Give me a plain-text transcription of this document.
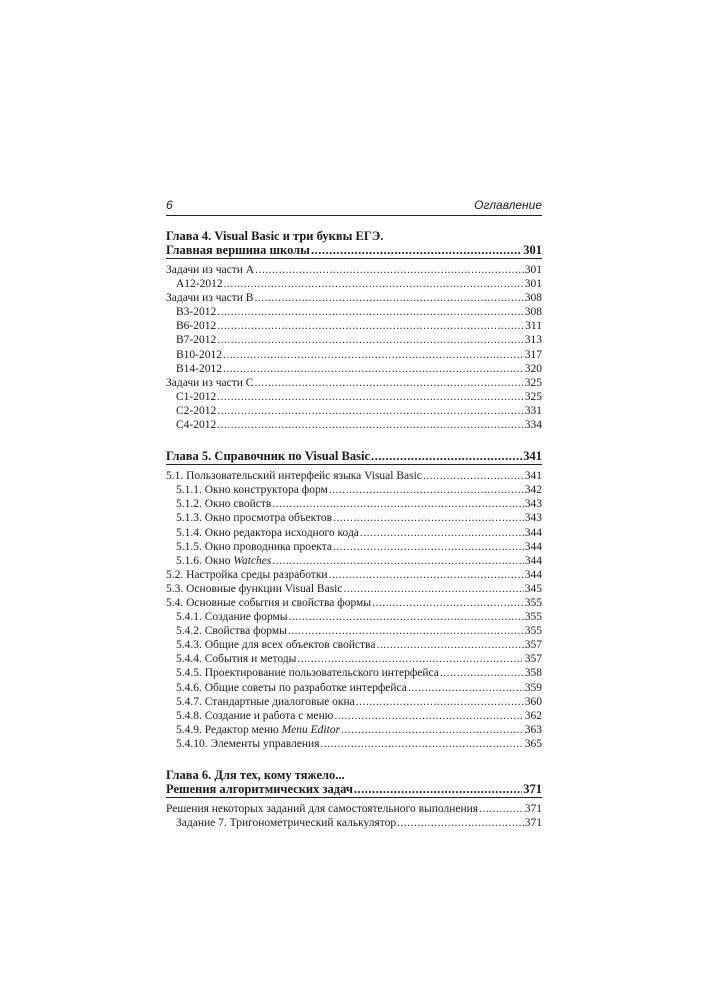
6	Оглавление
Глава 4. Visual Basic и три буквы ЕГЭ.
Главная вершина школы .....	301
Задачи из части A .....	301
A12-2012 .....	301
Задачи из части B .....	308
B3-2012 .....	308
B6-2012 .....	311
B7-2012 .....	313
B10-2012 .....	317
B14-2012 .....	320
Задачи из части C .....	325
C1-2012 .....	325
C2-2012 .....	331
C4-2012 .....	334
Глава 5. Справочник по Visual Basic .....	341
5.1. Пользовательский интерфейс языка Visual Basic .....	341
5.1.1. Окно конструктора форм .....	342
5.1.2. Окно свойств .....	343
5.1.3. Окно просмотра объектов .....	343
5.1.4. Окно редактора исходного кода .....	344
5.1.5. Окно проводника проекта .....	344
5.1.6. Окно Watches .....	344
5.2. Настройка среды разработки .....	344
5.3. Основные функции Visual Basic .....	345
5.4. Основные события и свойства формы .....	355
5.4.1. Создание формы .....	355
5.4.2. Свойства формы .....	355
5.4.3. Общие для всех объектов свойства .....	357
5.4.4. События и методы .....	357
5.4.5. Проектирование пользовательского интерфейса .....	358
5.4.6. Общие советы по разработке интерфейса .....	359
5.4.7. Стандартные диалоговые окна .....	360
5.4.8. Создание и работа с меню .....	362
5.4.9. Редактор меню Menu Editor .....	363
5.4.10. Элементы управления .....	365
Глава 6. Для тех, кому тяжело...
Решения алгоритмических задач .....	371
Решения некоторых заданий для самостоятельного выполнения .....	371
Задание 7. Тригонометрический калькулятор .....	371
